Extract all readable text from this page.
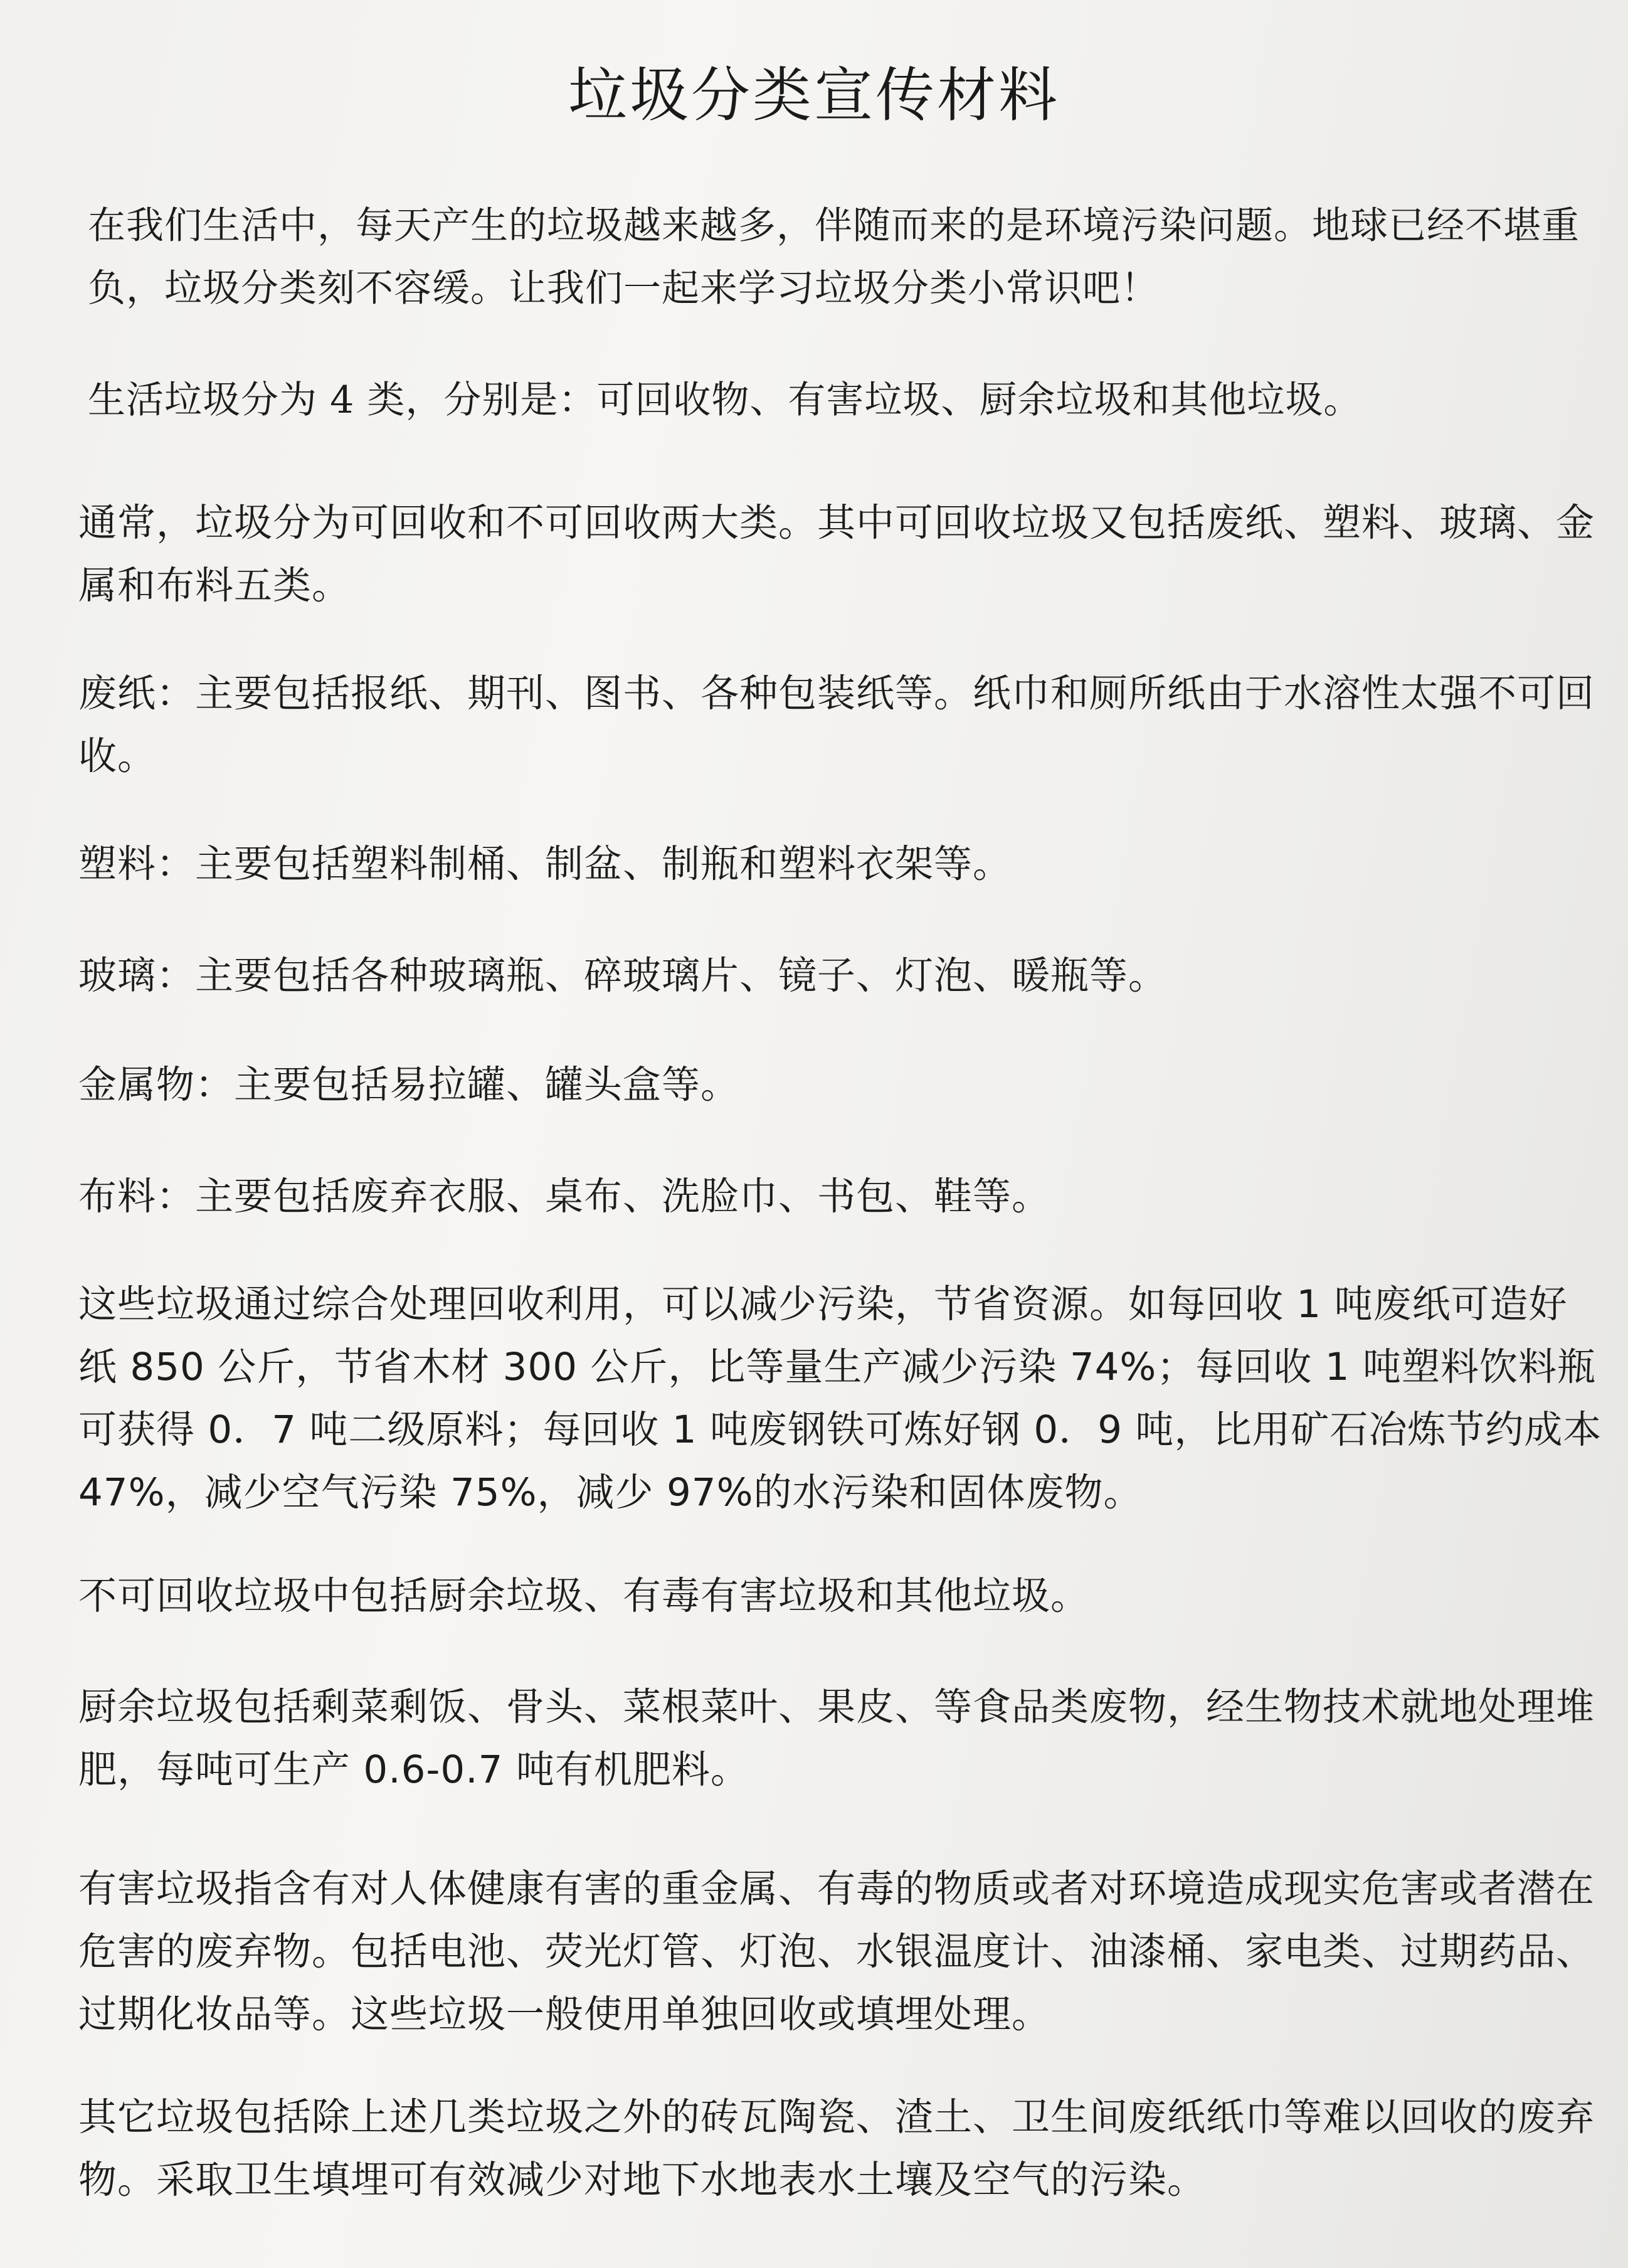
垃圾分类宣传材料

在我们生活中，每天产生的垃圾越来越多，伴随而来的是环境污染问题。地球已经不堪重负，垃圾分类刻不容缓。让我们一起来学习垃圾分类小常识吧！

生活垃圾分为 4 类，分别是：可回收物、有害垃圾、厨余垃圾和其他垃圾。

通常，垃圾分为可回收和不可回收两大类。其中可回收垃圾又包括废纸、塑料、玻璃、金属和布料五类。

废纸：主要包括报纸、期刊、图书、各种包装纸等。纸巾和厕所纸由于水溶性太强不可回收。

塑料：主要包括塑料制桶、制盆、制瓶和塑料衣架等。

玻璃：主要包括各种玻璃瓶、碎玻璃片、镜子、灯泡、暖瓶等。

金属物：主要包括易拉罐、罐头盒等。

布料：主要包括废弃衣服、桌布、洗脸巾、书包、鞋等。

这些垃圾通过综合处理回收利用，可以减少污染，节省资源。如每回收 1 吨废纸可造好纸 850 公斤，节省木材 300 公斤，比等量生产减少污染 74%；每回收 1 吨塑料饮料瓶可获得 0．7 吨二级原料；每回收 1 吨废钢铁可炼好钢 0．9 吨，比用矿石冶炼节约成本 47%，减少空气污染 75%，减少 97%的水污染和固体废物。

不可回收垃圾中包括厨余垃圾、有毒有害垃圾和其他垃圾。

厨余垃圾包括剩菜剩饭、骨头、菜根菜叶、果皮、等食品类废物，经生物技术就地处理堆肥，每吨可生产 0.6-0.7 吨有机肥料。

有害垃圾指含有对人体健康有害的重金属、有毒的物质或者对环境造成现实危害或者潜在危害的废弃物。包括电池、荧光灯管、灯泡、水银温度计、油漆桶、家电类、过期药品、过期化妆品等。这些垃圾一般使用单独回收或填埋处理。

其它垃圾包括除上述几类垃圾之外的砖瓦陶瓷、渣土、卫生间废纸纸巾等难以回收的废弃物。采取卫生填埋可有效减少对地下水地表水土壤及空气的污染。
